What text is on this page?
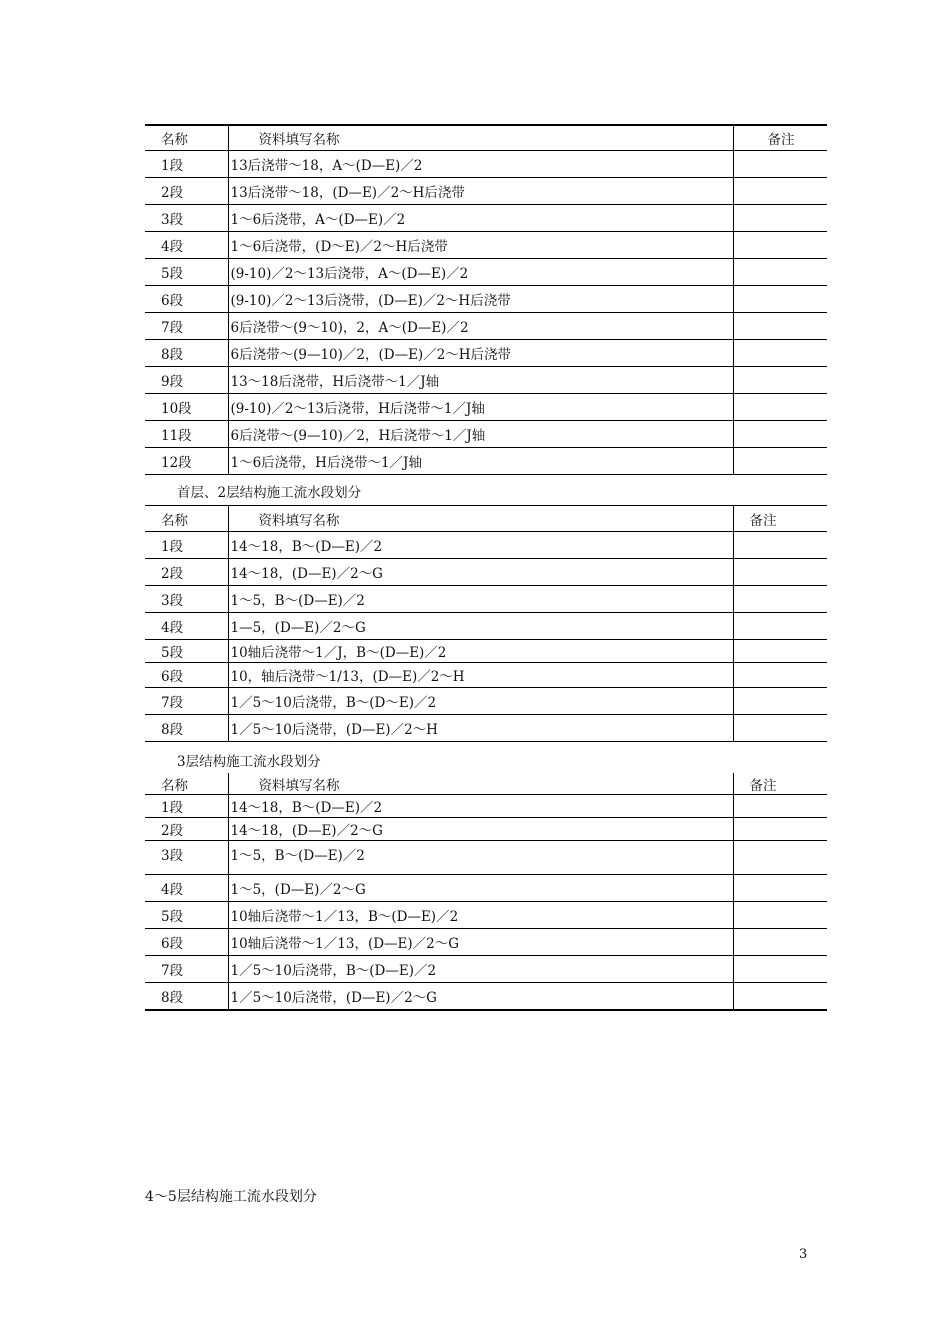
名称	资料填写名称	备注
1段	13后浇带～18，A～(D—E)／2	
2段	13后浇带～18，(D—E)／2～H后浇带	
3段	1～6后浇带，A～(D—E)／2	
4段	1～6后浇带，(D～E)／2～H后浇带	
5段	(9-10)／2～13后浇带，A～(D—E)／2	
6段	(9-10)／2～13后浇带，(D—E)／2～H后浇带	
7段	6后浇带～(9～10)，2，A～(D—E)／2	
8段	6后浇带～(9—10)／2，(D—E)／2～H后浇带	
9段	13～18后浇带，H后浇带～1／J轴	
10段	(9-10)／2～13后浇带，H后浇带～1／J轴	
11段	6后浇带～(9—10)／2，H后浇带～1／J轴	
12段	1～6后浇带，H后浇带～1／J轴	
首层、2层结构施工流水段划分
名称	资料填写名称	备注
1段	14～18，B～(D—E)／2	
2段	14～18，(D—E)／2～G	
3段	1～5，B～(D—E)／2	
4段	1—5，(D—E)／2～G	
5段	10轴后浇带～1／J，B～(D—E)／2	
6段	10，轴后浇带～1/13，(D—E)／2～H	
7段	1／5～10后浇带，B～(D～E)／2	
8段	1／5～10后浇带，(D—E)／2～H	
3层结构施工流水段划分
名称	资料填写名称	备注
1段	14～18，B～(D—E)／2	
2段	14～18，(D—E)／2～G	
3段	1～5，B～(D—E)／2	
4段	1～5，(D—E)／2～G	
5段	10轴后浇带～1／13，B～(D—E)／2	
6段	10轴后浇带～1／13，(D—E)／2～G	
7段	1／5～10后浇带，B～(D—E)／2	
8段	1／5～10后浇带，(D—E)／2～G	
4～5层结构施工流水段划分
3
